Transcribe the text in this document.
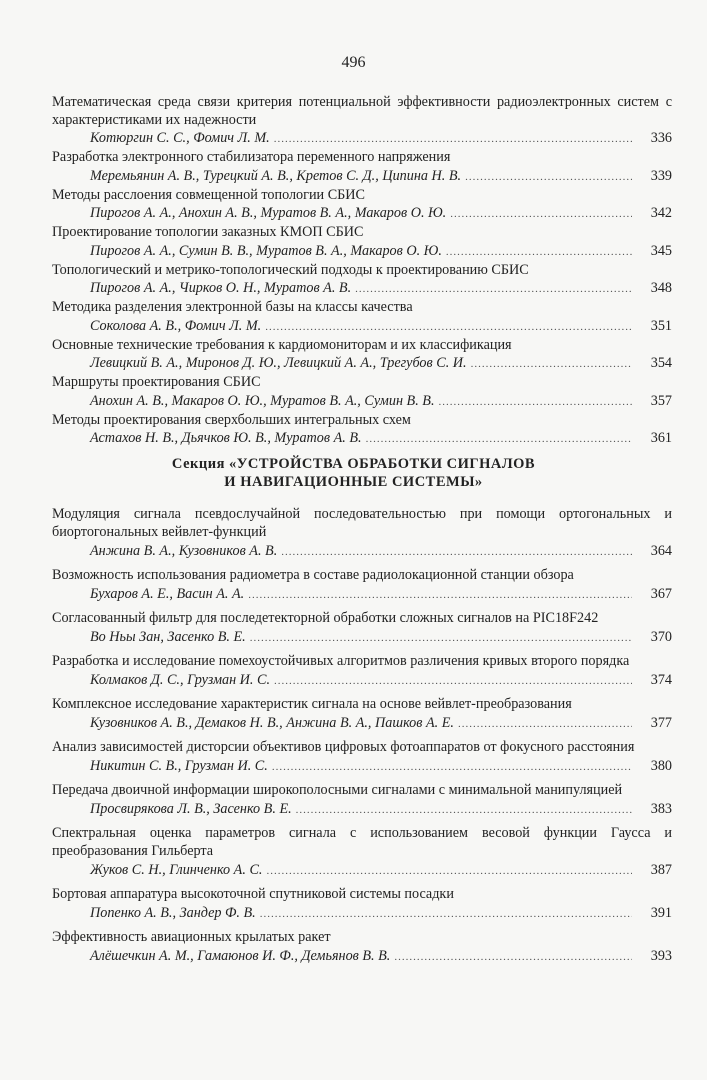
496
Математическая среда связи критерия потенциальной эффективности радиоэлектронных систем с характеристиками их надежности
Котюргин С. С., Фомич Л. М. .....	336
Разработка электронного стабилизатора переменного напряжения
Меремьянин А. В., Турецкий А. В., Кретов С. Д., Ципина Н. В. .....	339
Методы расслоения совмещенной топологии СБИС
Пирогов А. А., Анохин А. В., Муратов В. А., Макаров О. Ю. .....	342
Проектирование топологии заказных КМОП СБИС
Пирогов А. А., Сумин В. В., Муратов В. А., Макаров О. Ю. .....	345
Топологический и метрико-топологический подходы к проектированию СБИС
Пирогов А. А., Чирков О. Н., Муратов А. В. .....	348
Методика разделения электронной базы на классы качества
Соколова А. В., Фомич Л. М. .....	351
Основные технические требования к кардиомониторам и их классификация
Левицкий В. А., Миронов Д. Ю., Левицкий А. А., Трегубов С. И. .....	354
Маршруты проектирования СБИС
Анохин А. В., Макаров О. Ю., Муратов В. А., Сумин В. В. .....	357
Методы проектирования сверхбольших интегральных схем
Астахов Н. В., Дьячков Ю. В., Муратов А. В. .....	361
Секция «УСТРОЙСТВА ОБРАБОТКИ СИГНАЛОВ
И НАВИГАЦИОННЫЕ СИСТЕМЫ»
Модуляция сигнала псевдослучайной последовательностью при помощи ортогональных и биортогональных вейвлет-функций
Анжина В. А., Кузовников А. В. .....	364
Возможность использования радиометра в составе радиолокационной станции обзора
Бухаров А. Е., Васин А. А. .....	367
Согласованный фильтр для последетекторной обработки сложных сигналов на PIC18F242
Во Ньы Зан, Засенко В. Е. .....	370
Разработка и исследование помехоустойчивых алгоритмов различения кривых второго порядка
Колмаков Д. С., Грузман И. С. .....	374
Комплексное исследование характеристик сигнала на основе вейвлет-преобразования
Кузовников А. В., Демаков Н. В., Анжина В. А., Пашков А. Е. .....	377
Анализ зависимостей дисторсии объективов цифровых фотоаппаратов от фокусного расстояния
Никитин С. В., Грузман И. С. .....	380
Передача двоичной информации широкополосными сигналами с минимальной манипуляцией
Просвирякова Л. В., Засенко В. Е. .....	383
Спектральная оценка параметров сигнала с использованием весовой функции Гаусса и преобразования Гильберта
Жуков С. Н., Глинченко А. С. .....	387
Бортовая аппаратура высокоточной спутниковой системы посадки
Попенко А. В., Зандер Ф. В. .....	391
Эффективность авиационных крылатых ракет
Алёшечкин А. М., Гамаюнов И. Ф., Демьянов В. В. .....	393
